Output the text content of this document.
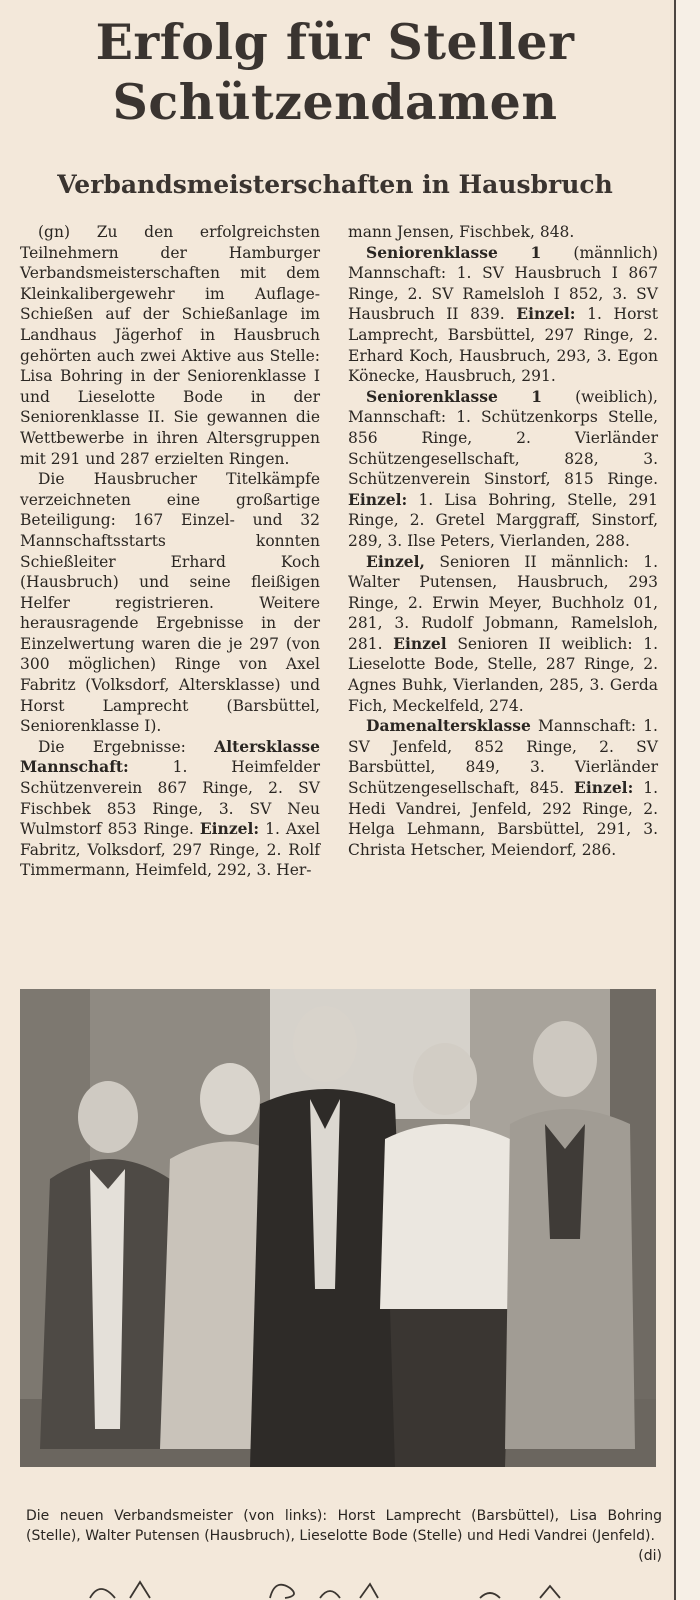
Erfolg für Steller
Schützendamen
Verbandsmeisterschaften in Hausbruch

(gn) Zu den erfolgreichsten Teilnehmern der Hamburger Verbandsmeisterschaften mit dem Kleinkalibergewehr im Auflage-Schießen auf der Schießanlage im Landhaus Jägerhof in Hausbruch gehörten auch zwei Aktive aus Stelle: Lisa Bohring in der Seniorenklasse I und Lieselotte Bode in der Seniorenklasse II. Sie gewannen die Wettbewerbe in ihren Altersgruppen mit 291 und 287 erzielten Ringen.

Die Hausbrucher Titelkämpfe verzeichneten eine großartige Beteiligung: 167 Einzel- und 32 Mannschaftsstarts konnten Schießleiter Erhard Koch (Hausbruch) und seine fleißigen Helfer registrieren. Weitere herausragende Ergebnisse in der Einzelwertung waren die je 297 (von 300 möglichen) Ringe von Axel Fabritz (Volksdorf, Altersklasse) und Horst Lamprecht (Barsbüttel, Seniorenklasse I).

Die Ergebnisse: Altersklasse Mannschaft: 1. Heimfelder Schützenverein 867 Ringe, 2. SV Fischbek 853 Ringe, 3. SV Neu Wulmstorf 853 Ringe. Einzel: 1. Axel Fabritz, Volksdorf, 297 Ringe, 2. Rolf Timmermann, Heimfeld, 292, 3. Her-

mann Jensen, Fischbek, 848.

Seniorenklasse 1 (männlich) Mannschaft: 1. SV Hausbruch I 867 Ringe, 2. SV Ramelsloh I 852, 3. SV Hausbruch II 839. Einzel: 1. Horst Lamprecht, Barsbüttel, 297 Ringe, 2. Erhard Koch, Hausbruch, 293, 3. Egon Könecke, Hausbruch, 291.

Seniorenklasse 1 (weiblich), Mannschaft: 1. Schützenkorps Stelle, 856 Ringe, 2. Vierländer Schützengesellschaft, 828, 3. Schützenverein Sinstorf, 815 Ringe. Einzel: 1. Lisa Bohring, Stelle, 291 Ringe, 2. Gretel Marggraff, Sinstorf, 289, 3. Ilse Peters, Vierlanden, 288.

Einzel, Senioren II männlich: 1. Walter Putensen, Hausbruch, 293 Ringe, 2. Erwin Meyer, Buchholz 01, 281, 3. Rudolf Jobmann, Ramelsloh, 281. Einzel Senioren II weiblich: 1. Lieselotte Bode, Stelle, 287 Ringe, 2. Agnes Buhk, Vierlanden, 285, 3. Gerda Fich, Meckelfeld, 274.

Damenaltersklasse Mannschaft: 1. SV Jenfeld, 852 Ringe, 2. SV Barsbüttel, 849, 3. Vierländer Schützengesellschaft, 845. Einzel: 1. Hedi Vandrei, Jenfeld, 292 Ringe, 2. Helga Lehmann, Barsbüttel, 291, 3. Christa Hetscher, Meiendorf, 286.

Die neuen Verbandsmeister (von links): Horst Lamprecht (Barsbüttel), Lisa Bohring (Stelle), Walter Putensen (Hausbruch), Lieselotte Bode (Stelle) und Hedi Vandrei (Jenfeld).
(di)
